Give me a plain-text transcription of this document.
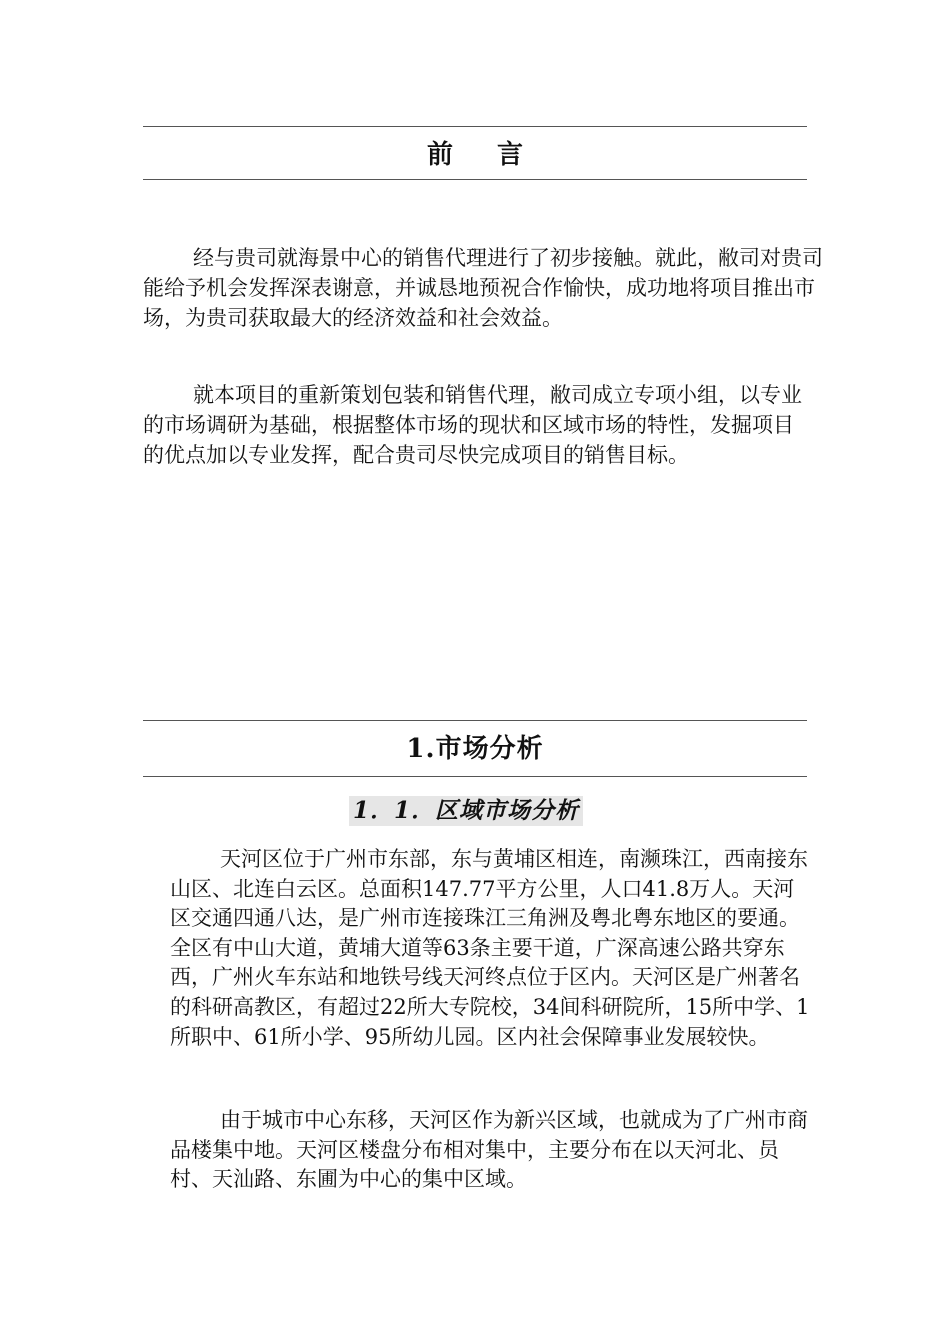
前言

经与贵司就海景中心的销售代理进行了初步接触。就此，敝司对贵司能给予机会发挥深表谢意，并诚恳地预祝合作愉快，成功地将项目推出市场，为贵司获取最大的经济效益和社会效益。

就本项目的重新策划包装和销售代理，敝司成立专项小组，以专业的市场调研为基础，根据整体市场的现状和区域市场的特性，发掘项目的优点加以专业发挥，配合贵司尽快完成项目的销售目标。

1.市场分析
1．1．区域市场分析

天河区位于广州市东部，东与黄埔区相连，南濒珠江，西南接东山区、北连白云区。总面积147.77平方公里，人口41.8万人。天河区交通四通八达，是广州市连接珠江三角洲及粤北粤东地区的要通。全区有中山大道，黄埔大道等63条主要干道，广深高速公路共穿东西，广州火车东站和地铁号线天河终点位于区内。天河区是广州著名的科研高教区，有超过22所大专院校，34间科研院所，15所中学、1所职中、61所小学、95所幼儿园。区内社会保障事业发展较快。

由于城市中心东移，天河区作为新兴区域，也就成为了广州市商品楼集中地。天河区楼盘分布相对集中，主要分布在以天河北、员村、天汕路、东圃为中心的集中区域。
